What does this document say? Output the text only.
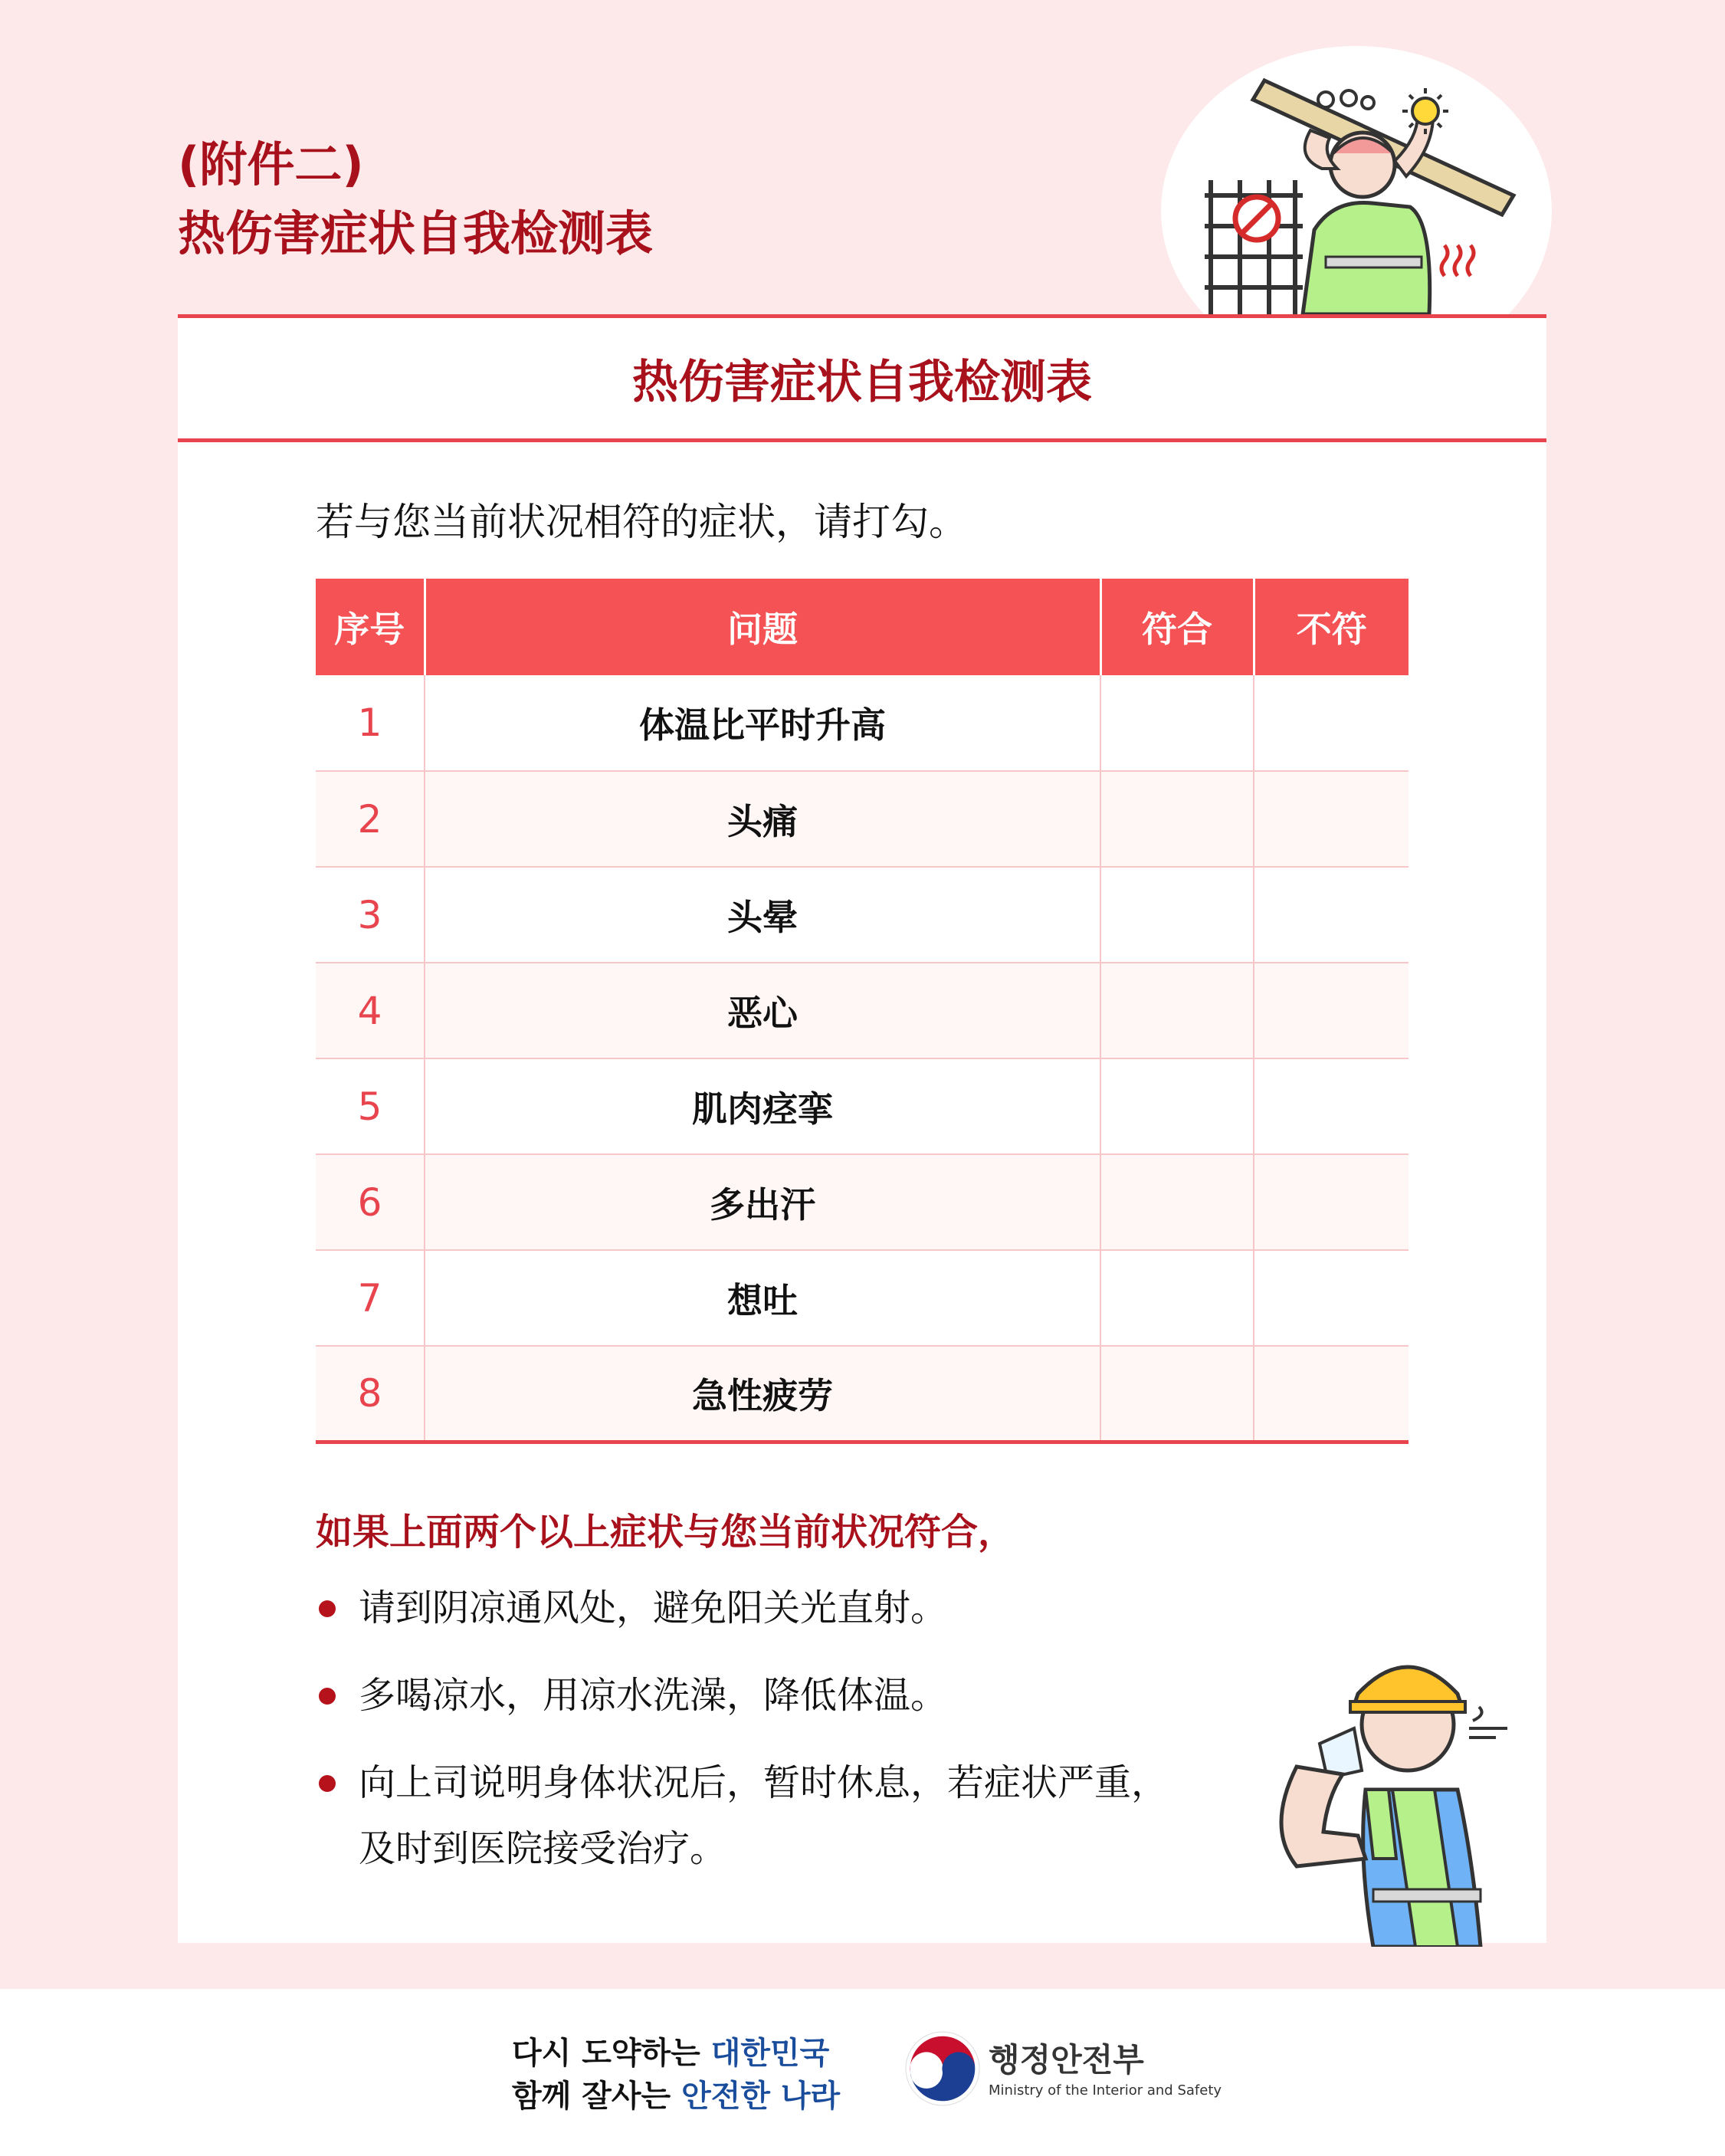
(附件二)
热伤害症状自我检测表
热伤害症状自我检测表
若与您当前状况相符的症状，请打勾。
序号	问题	符合	不符
1	体温比平时升高		
2	头痛		
3	头晕		
4	恶心		
5	肌肉痉挛		
6	多出汗		
7	想吐		
8	急性疲劳		
如果上面两个以上症状与您当前状况符合，
请到阴凉通风处，避免阳关光直射。
多喝凉水，用凉水洗澡，降低体温。
向上司说明身体状况后，暂时休息，若症状严重，及时到医院接受治疗。
다시 도약하는 대한민국
함께 잘사는 안전한 나라
행정안전부
Ministry of the Interior and Safety
